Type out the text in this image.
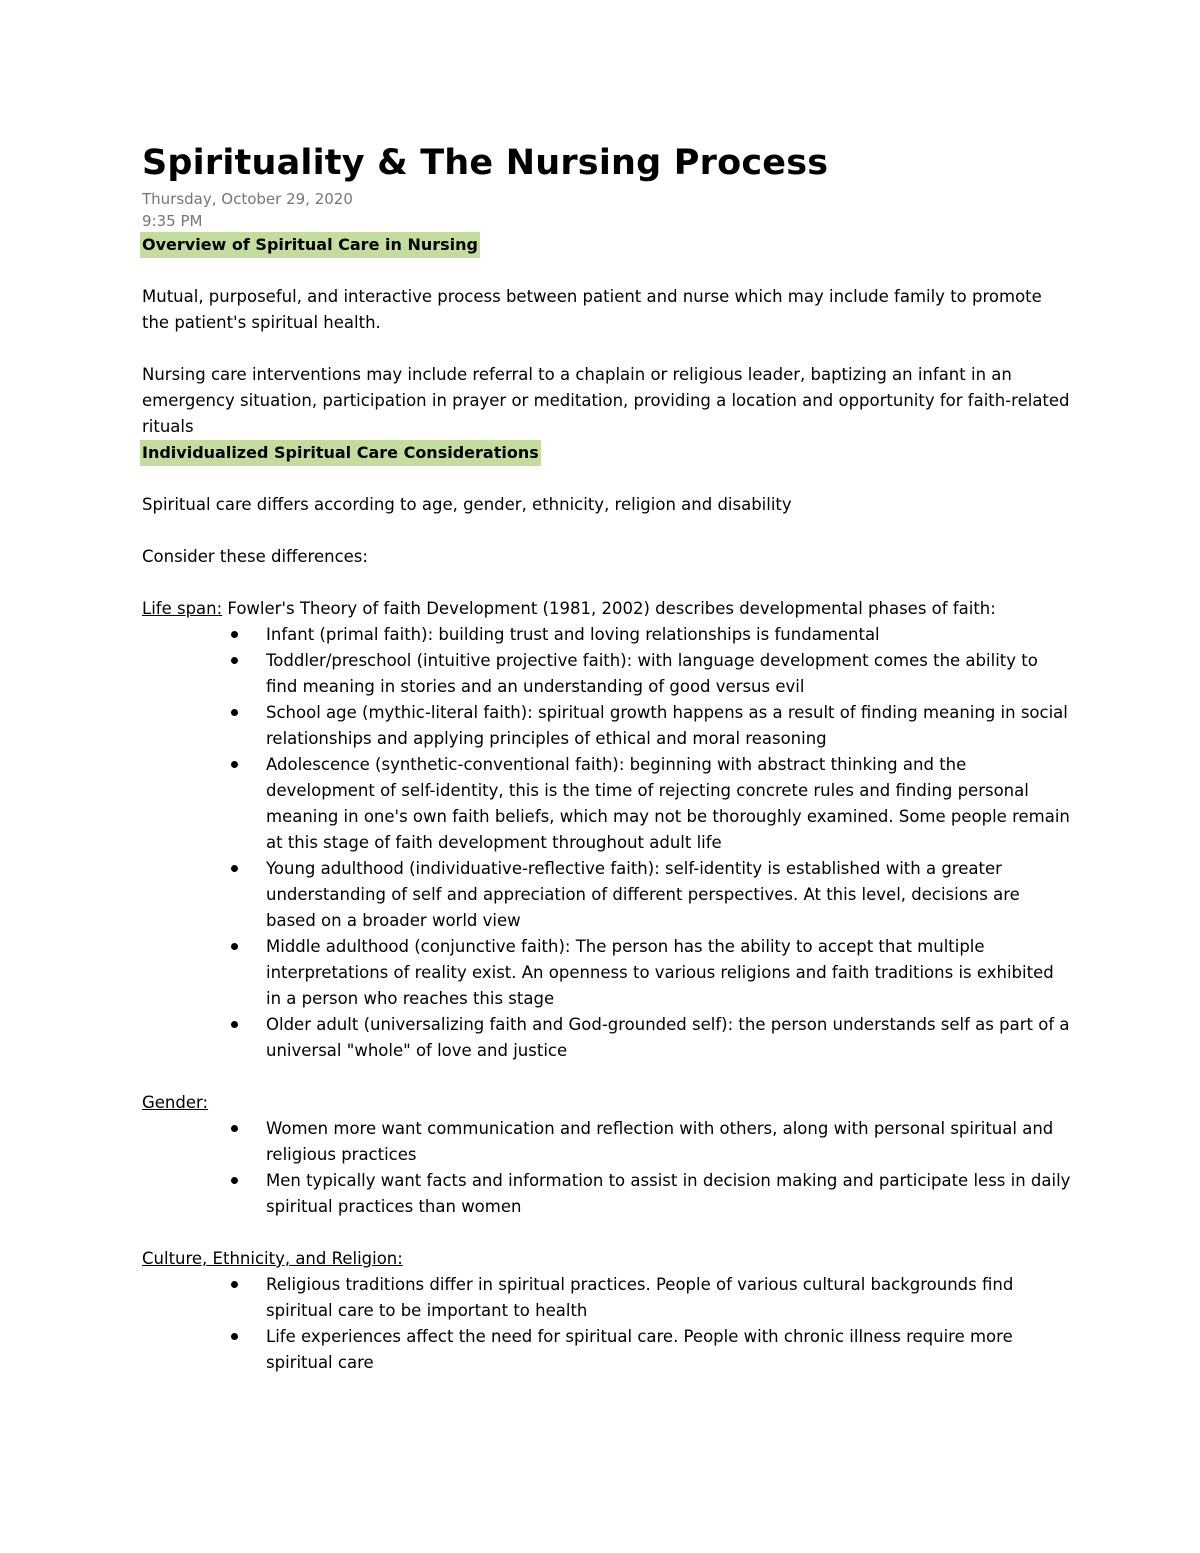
Spirituality & The Nursing Process

Thursday, October 29, 2020

9:35 PM

Overview of Spiritual Care in Nursing

Mutual, purposeful, and interactive process between patient and nurse which may include family to promote the patient's spiritual health.

Nursing care interventions may include referral to a chaplain or religious leader, baptizing an infant in an emergency situation, participation in prayer or meditation, providing a location and opportunity for faith-related rituals

Individualized Spiritual Care Considerations

Spiritual care differs according to age, gender, ethnicity, religion and disability

Consider these differences:

Life span: Fowler's Theory of faith Development (1981, 2002) describes developmental phases of faith:

Infant (primal faith): building trust and loving relationships is fundamental
Toddler/preschool (intuitive projective faith): with language development comes the ability to find meaning in stories and an understanding of good versus evil
School age (mythic-literal faith): spiritual growth happens as a result of finding meaning in social relationships and applying principles of ethical and moral reasoning
Adolescence (synthetic-conventional faith): beginning with abstract thinking and the development of self-identity, this is the time of rejecting concrete rules and finding personal meaning in one's own faith beliefs, which may not be thoroughly examined. Some people remain at this stage of faith development throughout adult life
Young adulthood (individuative-reflective faith): self-identity is established with a greater understanding of self and appreciation of different perspectives. At this level, decisions are based on a broader world view
Middle adulthood (conjunctive faith): The person has the ability to accept that multiple interpretations of reality exist. An openness to various religions and faith traditions is exhibited in a person who reaches this stage
Older adult (universalizing faith and God-grounded self): the person understands self as part of a universal "whole" of love and justice

Gender:

Women more want communication and reflection with others, along with personal spiritual and religious practices
Men typically want facts and information to assist in decision making and participate less in daily spiritual practices than women

Culture, Ethnicity, and Religion:

Religious traditions differ in spiritual practices. People of various cultural backgrounds find spiritual care to be important to health
Life experiences affect the need for spiritual care. People with chronic illness require more spiritual care
